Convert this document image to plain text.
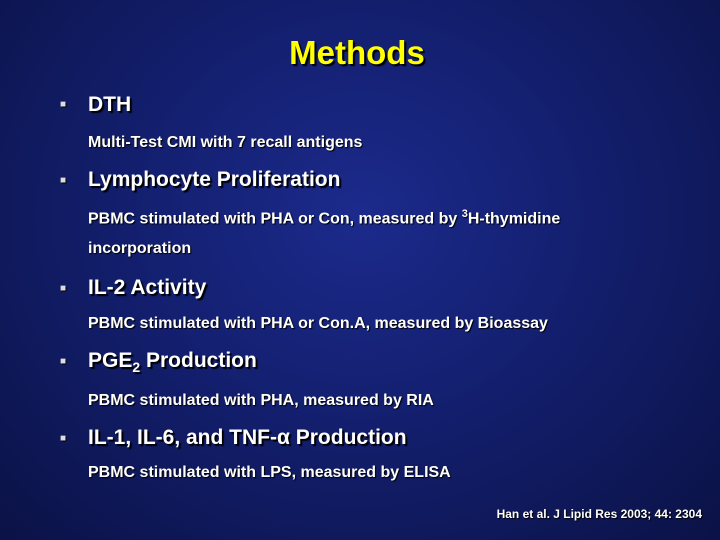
Methods
■ DTH
Multi-Test CMI with 7 recall antigens
■ Lymphocyte Proliferation
PBMC stimulated with PHA or Con, measured by $^3$H-thymidine
incorporation
■ IL-2 Activity
PBMC stimulated with PHA or Con.A, measured by Bioassay
■ $PGE_2$ Production
PBMC stimulated with PHA, measured by RIA
■ IL-1, IL-6, and TNF-α Production
PBMC stimulated with LPS, measured by ELISA
Han et al. J Lipid Res 2003; 44: 2304
